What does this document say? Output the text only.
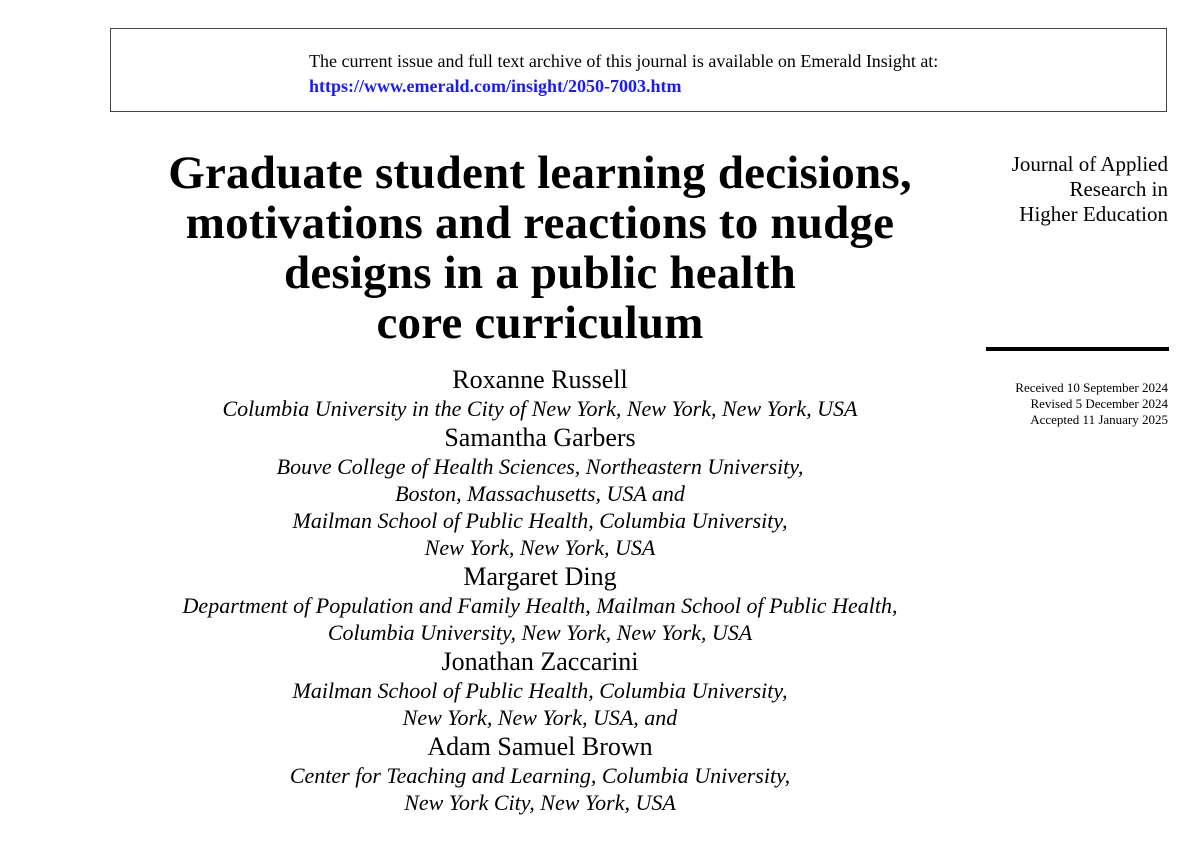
The current issue and full text archive of this journal is available on Emerald Insight at:
https://www.emerald.com/insight/2050-7003.htm
Graduate student learning decisions,
motivations and reactions to nudge
designs in a public health
core curriculum
Roxanne Russell
Columbia University in the City of New York, New York, New York, USA
Samantha Garbers
Bouve College of Health Sciences, Northeastern University,
Boston, Massachusetts, USA and
Mailman School of Public Health, Columbia University,
New York, New York, USA
Margaret Ding
Department of Population and Family Health, Mailman School of Public Health,
Columbia University, New York, New York, USA
Jonathan Zaccarini
Mailman School of Public Health, Columbia University,
New York, New York, USA, and
Adam Samuel Brown
Center for Teaching and Learning, Columbia University,
New York City, New York, USA
Journal of Applied
Research in
Higher Education
Received 10 September 2024
Revised 5 December 2024
Accepted 11 January 2025
